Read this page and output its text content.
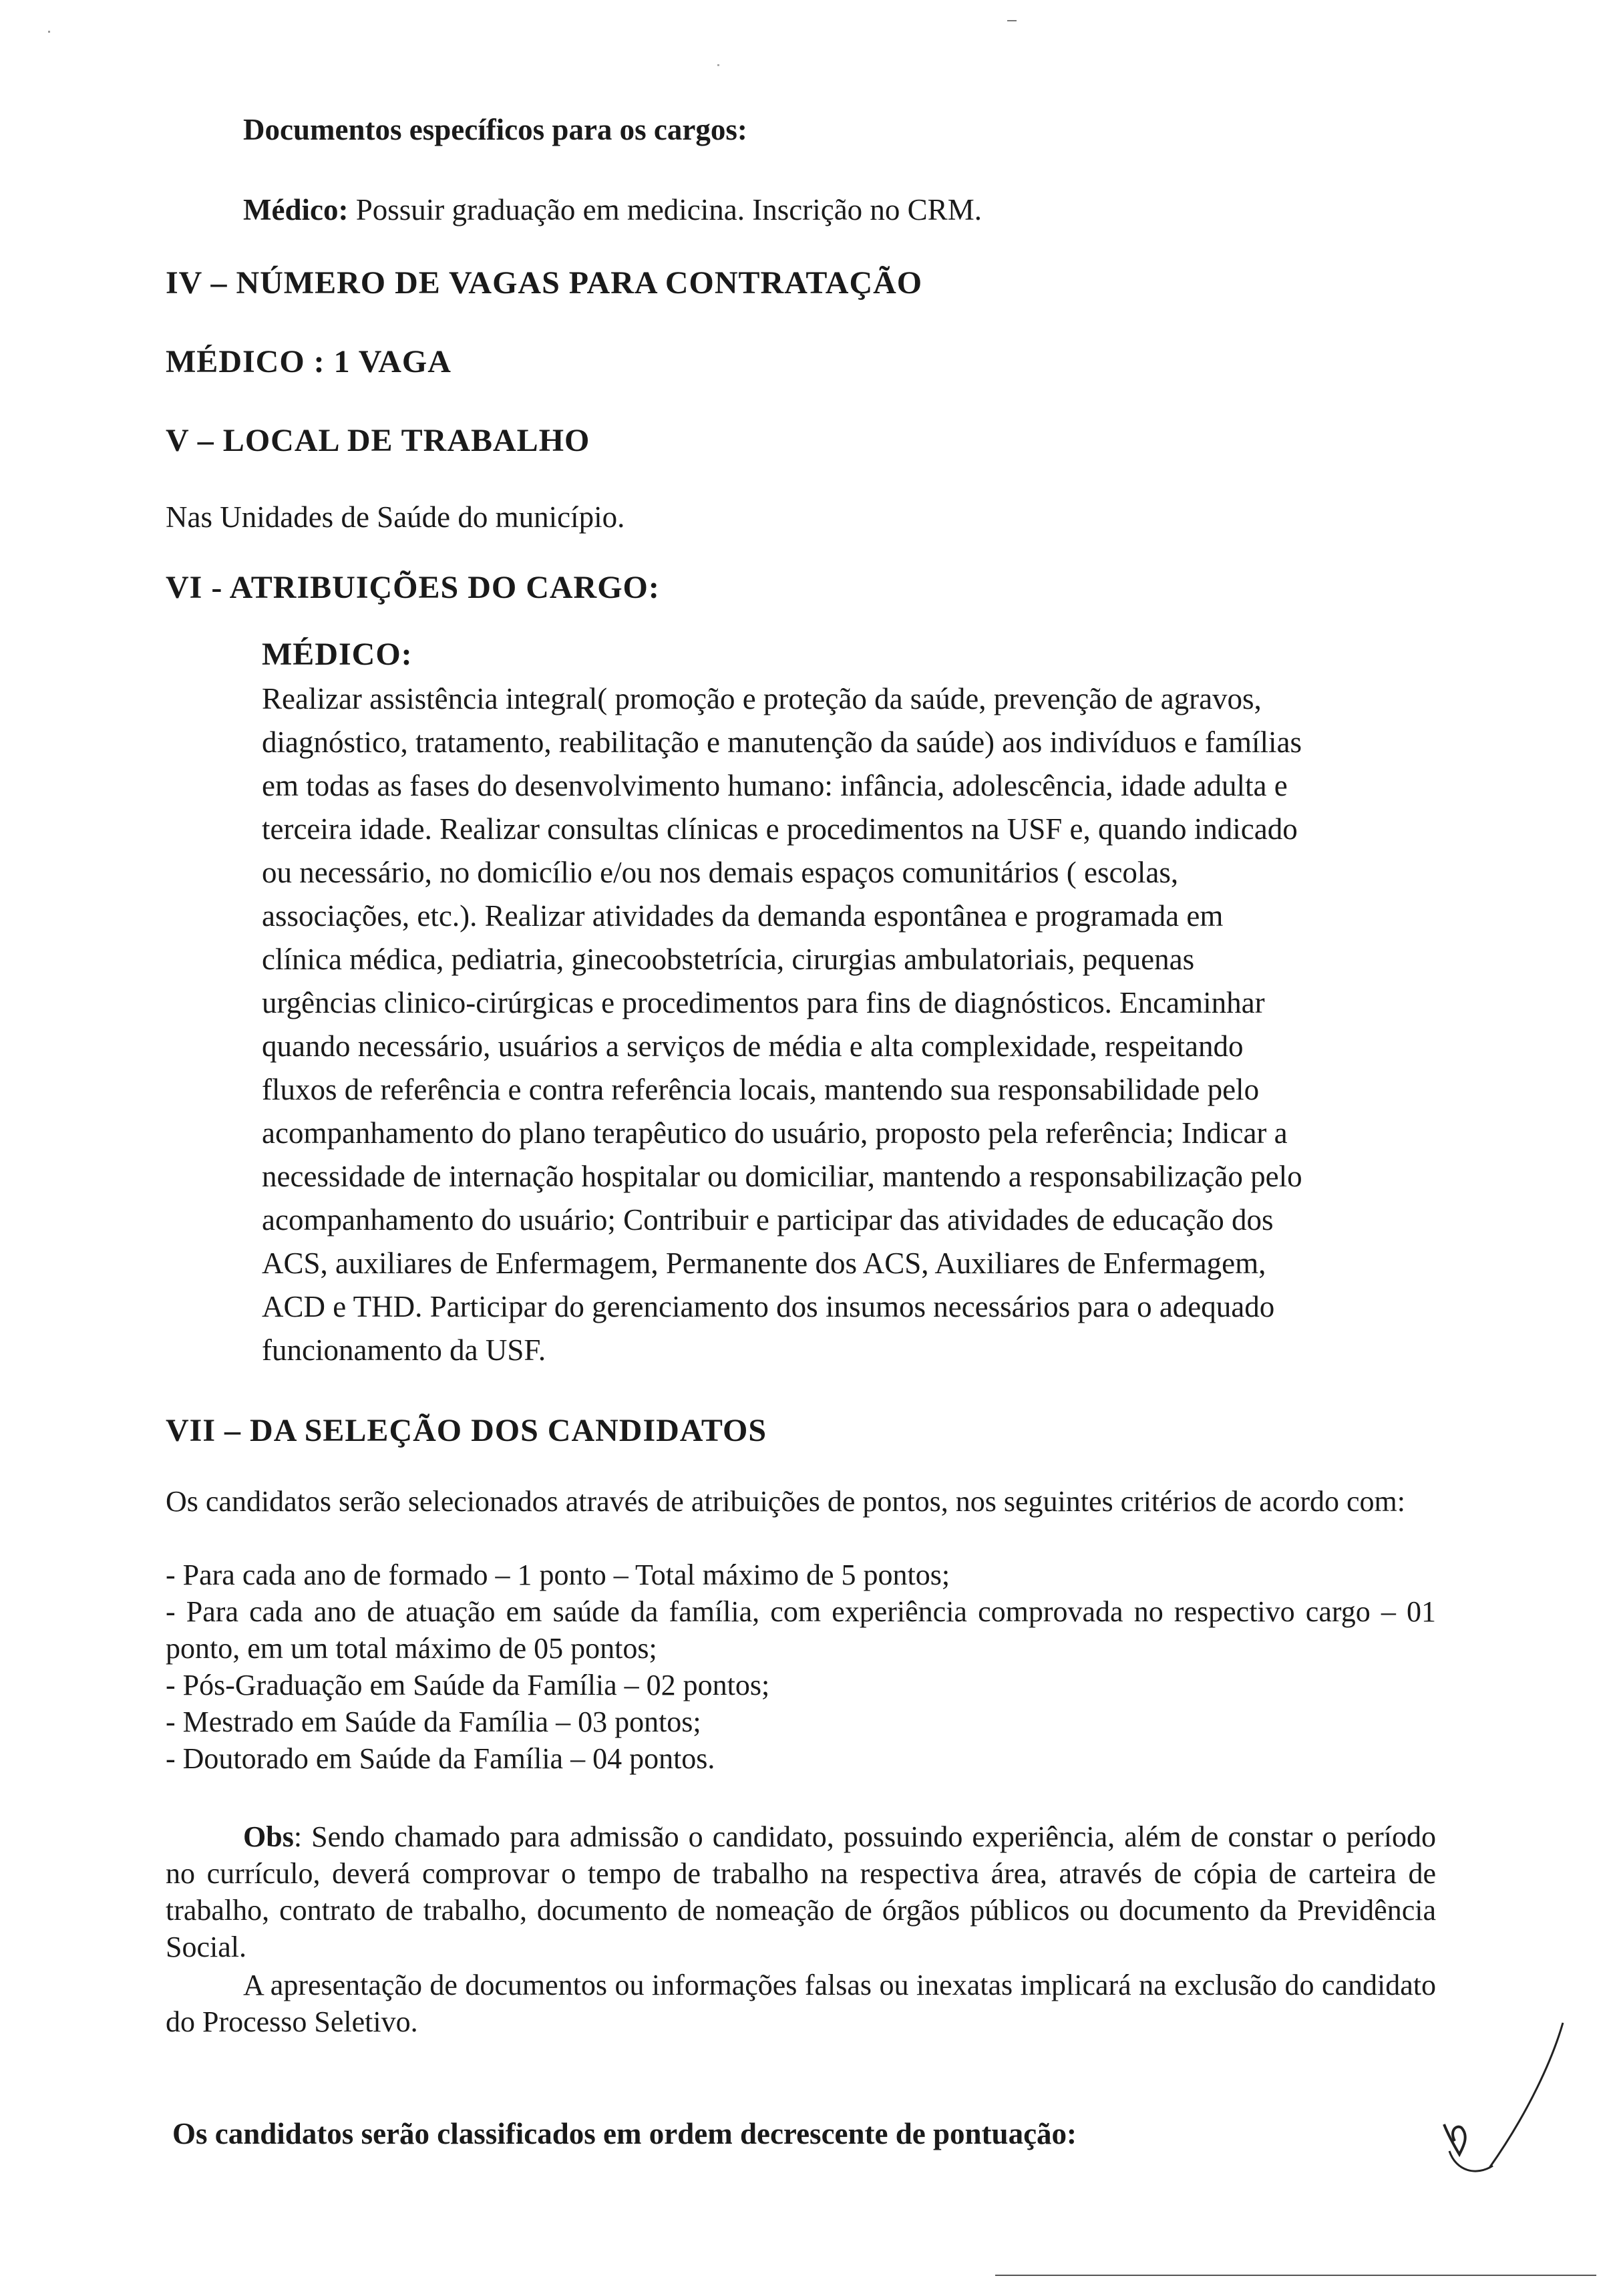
Documentos específicos para os cargos:
Médico: Possuir graduação em medicina. Inscrição no CRM.
IV – NÚMERO DE VAGAS PARA CONTRATAÇÃO
MÉDICO : 1 VAGA
V – LOCAL DE TRABALHO
Nas Unidades de Saúde do município.
VI - ATRIBUIÇÕES DO CARGO:
MÉDICO:
Realizar assistência integral( promoção e proteção da saúde, prevenção de agravos,
diagnóstico, tratamento, reabilitação e manutenção da saúde) aos indivíduos e famílias
em todas as fases do desenvolvimento humano: infância, adolescência, idade adulta e
terceira idade. Realizar consultas clínicas e procedimentos na USF e, quando indicado
ou necessário, no domicílio e/ou nos demais espaços comunitários ( escolas,
associações, etc.). Realizar atividades da demanda espontânea e programada em
clínica médica, pediatria, ginecoobstetrícia, cirurgias ambulatoriais, pequenas
urgências clinico-cirúrgicas e procedimentos para fins de diagnósticos. Encaminhar
quando necessário, usuários a serviços de média e alta complexidade, respeitando
fluxos de referência e contra referência locais, mantendo sua responsabilidade pelo
acompanhamento do plano terapêutico do usuário, proposto pela referência; Indicar a
necessidade de internação hospitalar ou domiciliar, mantendo a responsabilização pelo
acompanhamento do usuário; Contribuir e participar das atividades de educação dos
ACS, auxiliares de Enfermagem, Permanente dos ACS, Auxiliares de Enfermagem,
ACD e THD. Participar do gerenciamento dos insumos necessários para o adequado
funcionamento da USF.
VII – DA SELEÇÃO DOS CANDIDATOS
Os candidatos serão selecionados através de atribuições de pontos, nos seguintes critérios de acordo com:
- Para cada ano de formado – 1 ponto – Total máximo de 5 pontos;
- Para cada ano de atuação em saúde da família, com experiência comprovada no respectivo cargo – 01 ponto, em um total máximo de 05 pontos;
- Pós-Graduação em Saúde da Família – 02 pontos;
- Mestrado em Saúde da Família – 03 pontos;
- Doutorado em Saúde da Família – 04 pontos.
Obs: Sendo chamado para admissão o candidato, possuindo experiência, além de constar o período no currículo, deverá comprovar o tempo de trabalho na respectiva área, através de cópia de carteira de trabalho, contrato de trabalho, documento de nomeação de órgãos públicos ou documento da Previdência Social.
A apresentação de documentos ou informações falsas ou inexatas implicará na exclusão do candidato do Processo Seletivo.
Os candidatos serão classificados em ordem decrescente de pontuação:
